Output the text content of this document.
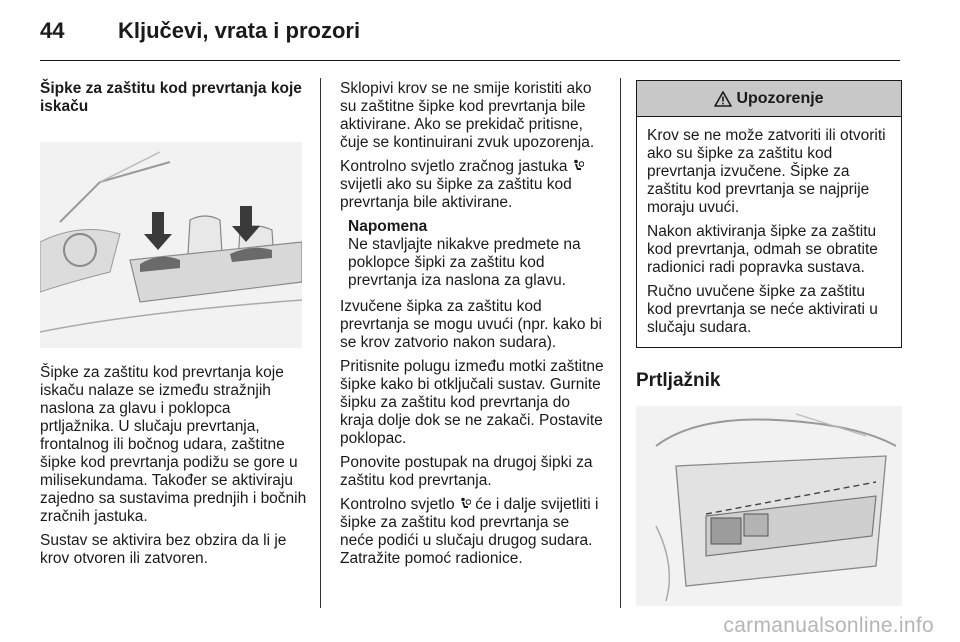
44	Ključevi, vrata i prozori
Šipke za zaštitu kod prevrtanja koje iskaču

Šipke za zaštitu kod prevrtanja koje iskaču nalaze se između stražnjih naslona za glavu i poklopca prtljažnika. U slučaju prevrtanja, frontalnog ili bočnog udara, zaštitne šipke kod prevrtanja podižu se gore u milisekundama. Također se aktiviraju zajedno sa sustavima prednjih i bočnih zračnih jastuka.

Sustav se aktivira bez obzira da li je krov otvoren ili zatvoren.

Sklopivi krov se ne smije koristiti ako su zaštitne šipke kod prevrtanja bile aktivirane. Ako se prekidač pritisne, čuje se kontinuirani zvuk upozorenja.

Kontrolno svjetlo zračnog jastuka  svijetli ako su šipke za zaštitu kod prevrtanja bile aktivirane.

Napomena
Ne stavljajte nikakve predmete na poklopce šipki za zaštitu kod prevrtanja iza naslona za glavu.

Izvučene šipka za zaštitu kod prevrtanja se mogu uvući (npr. kako bi se krov zatvorio nakon sudara).

Pritisnite polugu između motki zaštitne šipke kako bi otključali sustav. Gurnite šipku za zaštitu kod prevrtanja do kraja dolje dok se ne zakači. Postavite poklopac.

Ponovite postupak na drugoj šipki za zaštitu kod prevrtanja.

Kontrolno svjetlo  će i dalje svijetliti i šipke za zaštitu kod prevrtanja se neće podići u slučaju drugog sudara. Zatražite pomoć radionice.

Upozorenje

Krov se ne može zatvoriti ili otvoriti ako su šipke za zaštitu kod prevrtanja izvučene. Šipke za zaštitu kod prevrtanja se najprije moraju uvući.

Nakon aktiviranja šipke za zaštitu kod prevrtanja, odmah se obratite radionici radi popravka sustava.

Ručno uvučene šipke za zaštitu kod prevrtanja se neće aktivirati u slučaju sudara.

Prtljažnik
carmanualsonline.info
